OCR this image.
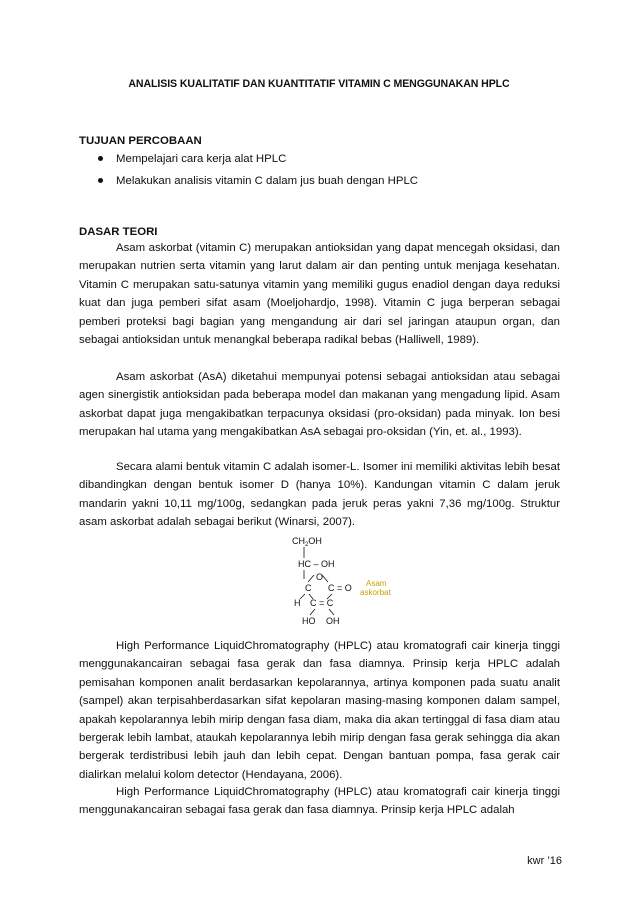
ANALISIS KUALITATIF DAN KUANTITATIF VITAMIN C MENGGUNAKAN HPLC
TUJUAN PERCOBAAN
Mempelajari cara kerja alat HPLC
Melakukan analisis vitamin C dalam jus buah dengan HPLC
DASAR TEORI

Asam askorbat (vitamin C) merupakan antioksidan yang dapat mencegah oksidasi, dan merupakan nutrien serta vitamin yang larut dalam air dan penting untuk menjaga kesehatan. Vitamin C merupakan satu-satunya vitamin yang memiliki gugus enadiol dengan daya reduksi kuat dan juga pemberi sifat asam (Moeljohardjo, 1998). Vitamin C juga berperan sebagai pemberi proteksi bagi bagian yang mengandung air dari sel jaringan ataupun organ, dan sebagai antioksidan untuk menangkal beberapa radikal bebas (Halliwell, 1989).

Asam askorbat (AsA) diketahui mempunyai potensi sebagai antioksidan atau sebagai agen sinergistik antioksidan pada beberapa model dan makanan yang mengadung lipid. Asam askorbat dapat juga mengakibatkan terpacunya oksidasi (pro-oksidan) pada minyak. Ion besi merupakan hal utama yang mengakibatkan AsA sebagai pro-oksidan (Yin, et. al., 1993).

Secara alami bentuk vitamin C adalah isomer-L. Isomer ini memiliki aktivitas lebih besat dibandingkan dengan bentuk isomer D (hanya 10%). Kandungan vitamin C dalam jeruk mandarin yakni 10,11 mg/100g, sedangkan pada jeruk peras yakni 7,36 mg/100g. Struktur asam askorbat adalah sebagai berikut (Winarsi, 2007).

$CH_2OH$
HC – OH
O
C C = O
H C = C
HO OH
Asam
askorbat

High Performance LiquidChromatography (HPLC) atau kromatografi cair kinerja tinggi menggunakancairan sebagai fasa gerak dan fasa diamnya. Prinsip kerja HPLC adalah pemisahan komponen analit berdasarkan kepolarannya, artinya komponen pada suatu analit (sampel) akan terpisahberdasarkan sifat kepolaran masing-masing komponen dalam sampel, apakah kepolarannya lebih mirip dengan fasa diam, maka dia akan tertinggal di fasa diam atau bergerak lebih lambat, ataukah kepolarannya lebih mirip dengan fasa gerak sehingga dia akan bergerak terdistribusi lebih jauh dan lebih cepat. Dengan bantuan pompa, fasa gerak cair dialirkan melalui kolom detector (Hendayana, 2006).

High Performance LiquidChromatography (HPLC) atau kromatografi cair kinerja tinggi menggunakancairan sebagai fasa gerak dan fasa diamnya. Prinsip kerja HPLC adalah

kwr ’16
